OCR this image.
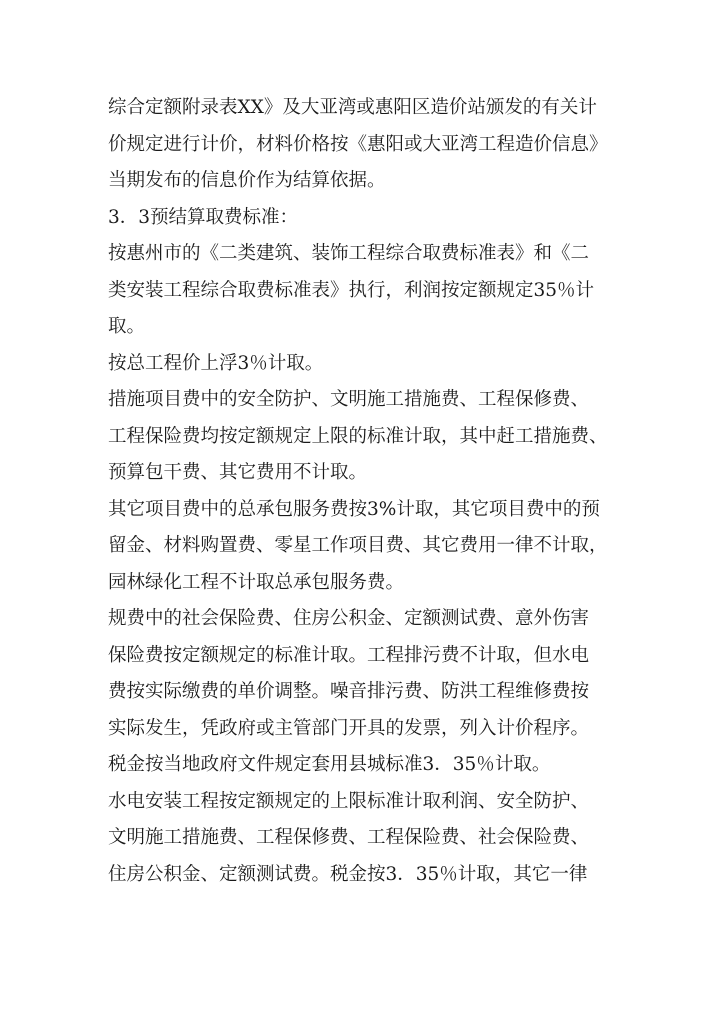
综合定额附录表XX》及大亚湾或惠阳区造价站颁发的有关计
价规定进行计价，材料价格按《惠阳或大亚湾工程造价信息》
当期发布的信息价作为结算依据。
3．3预结算取费标准：
按惠州市的《二类建筑、装饰工程综合取费标准表》和《二
类安装工程综合取费标准表》执行，利润按定额规定35％计
取。
按总工程价上浮3％计取。
措施项目费中的安全防护、文明施工措施费、工程保修费、
工程保险费均按定额规定上限的标准计取，其中赶工措施费、
预算包干费、其它费用不计取。
其它项目费中的总承包服务费按3%计取，其它项目费中的预
留金、材料购置费、零星工作项目费、其它费用一律不计取，
园林绿化工程不计取总承包服务费。
规费中的社会保险费、住房公积金、定额测试费、意外伤害
保险费按定额规定的标准计取。工程排污费不计取，但水电
费按实际缴费的单价调整。噪音排污费、防洪工程维修费按
实际发生，凭政府或主管部门开具的发票，列入计价程序。
税金按当地政府文件规定套用县城标准3．35％计取。
水电安装工程按定额规定的上限标准计取利润、安全防护、
文明施工措施费、工程保修费、工程保险费、社会保险费、
住房公积金、定额测试费。税金按3．35％计取，其它一律
